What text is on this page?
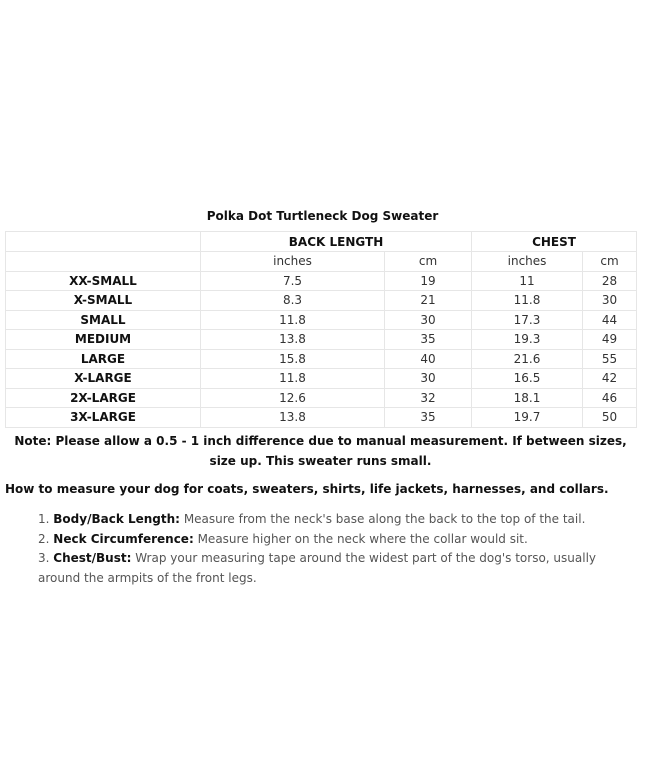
Polka Dot Turtleneck Dog Sweater
	BACK LENGTH		CHEST	
	inches	cm	inches	cm
XX-SMALL	7.5	19	11	28
X-SMALL	8.3	21	11.8	30
SMALL	11.8	30	17.3	44
MEDIUM	13.8	35	19.3	49
LARGE	15.8	40	21.6	55
X-LARGE	11.8	30	16.5	42
2X-LARGE	12.6	32	18.1	46
3X-LARGE	13.8	35	19.7	50
Note: Please allow a 0.5 - 1 inch difference due to manual measurement. If between sizes, size up. This sweater runs small.
How to measure your dog for coats, sweaters, shirts, life jackets, harnesses, and collars.
1. Body/Back Length: Measure from the neck's base along the back to the top of the tail.
2. Neck Circumference: Measure higher on the neck where the collar would sit.
3. Chest/Bust: Wrap your measuring tape around the widest part of the dog's torso, usually around the armpits of the front legs.
